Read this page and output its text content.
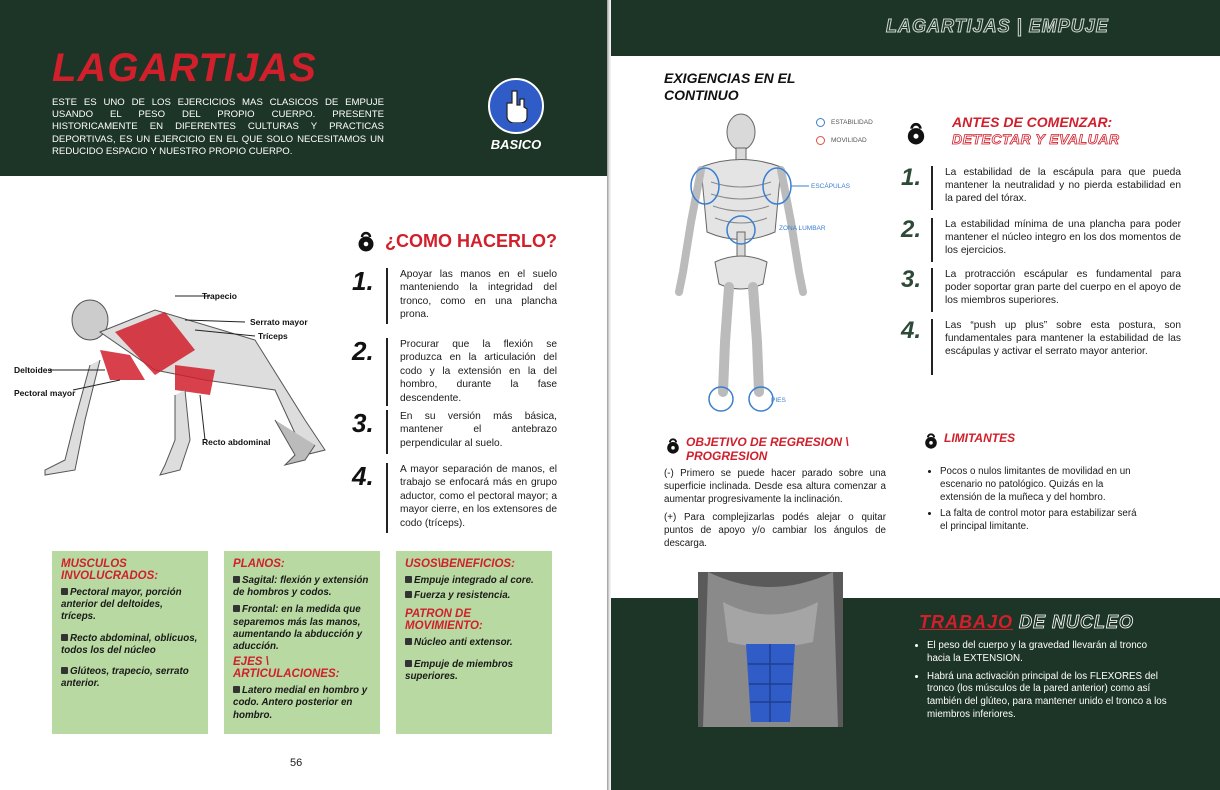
LAGARTIJAS
ESTE ES UNO DE LOS EJERCICIOS MAS CLASICOS DE EMPUJE USANDO EL PESO DEL PROPIO CUERPO. PRESENTE HISTORICAMENTE EN DIFERENTES CULTURAS Y PRACTICAS DEPORTIVAS, ES UN EJERCICIO EN EL QUE SOLO NECESITAMOS UN REDUCIDO ESPACIO Y NUESTRO PROPIO CUERPO.	BASICO
Trapecio
Serrato mayor
Tríceps
Deltoides
Pectoral mayor
Recto abdominal
¿COMO HACERLO?
1.	Apoyar las manos en el suelo manteniendo la integridad del tronco, como en una plancha prona.
2.	Procurar que la flexión se produzca en la articulación del codo y la extensión en la del hombro, durante la fase descendente.
3.	En su versión más básica, mantener el antebrazo perpendicular al suelo.
4.	A mayor separación de manos, el trabajo se enfocará más en grupo aductor, como el pectoral mayor; a mayor cierre, en los extensores de codo (tríceps).
MUSCULOS INVOLUCRADOS:
Pectoral mayor, porción anterior del deltoides, tríceps.
Recto abdominal, oblicuos, todos los del núcleo
Glúteos, trapecio, serrato anterior.
PLANOS:
Sagital: flexión y extensión de hombros y codos.
Frontal: en la medida que separemos más las manos, aumentando la abducción y aducción.
EJES \ ARTICULACIONES:
Latero medial en hombro y codo. Antero posterior en hombro.
USOS\BENEFICIOS:
Empuje integrado al core.
Fuerza y resistencia.
PATRON DE MOVIMIENTO:
Núcleo anti extensor.
Empuje de miembros superiores.
56
LAGARTIJAS | EMPUJE
EXIGENCIAS EN EL CONTINUO
ESTABILIDAD
MOVILIDAD
ESCÁPULAS
ZONA LUMBAR
PIES
ANTES DE COMENZAR:
DETECTAR Y EVALUAR
1.	La estabilidad de la escápula para que pueda mantener la neutralidad y no pierda estabilidad en la pared del tórax.
2.	La estabilidad mínima de una plancha para poder mantener el núcleo integro en los dos momentos de los ejercicios.
3.	La protracción escápular es fundamental para poder soportar gran parte del cuerpo en el apoyo de los miembros superiores.
4.	Las “push up plus” sobre esta postura, son fundamentales para mantener la estabilidad de las escápulas y activar el serrato mayor anterior.
OBJETIVO DE REGRESION \ PROGRESION
(-) Primero se puede hacer parado sobre una superficie inclinada. Desde esa altura comenzar a aumentar progresivamente la inclinación.
(+) Para complejizarlas podés alejar o quitar puntos de apoyo y/o cambiar los ángulos de descarga.
LIMITANTES
• Pocos o nulos limitantes de movilidad en un escenario no patológico. Quizás en la extensión de la muñeca y del hombro.
• La falta de control motor para estabilizar será el principal limitante.
TRABAJO DE NUCLEO
• El peso del cuerpo y la gravedad llevarán al tronco hacia la EXTENSION.
• Habrá una activación principal de los FLEXORES del tronco (los músculos de la pared anterior) como así también del glúteo, para mantener unido el tronco a los miembros inferiores.
